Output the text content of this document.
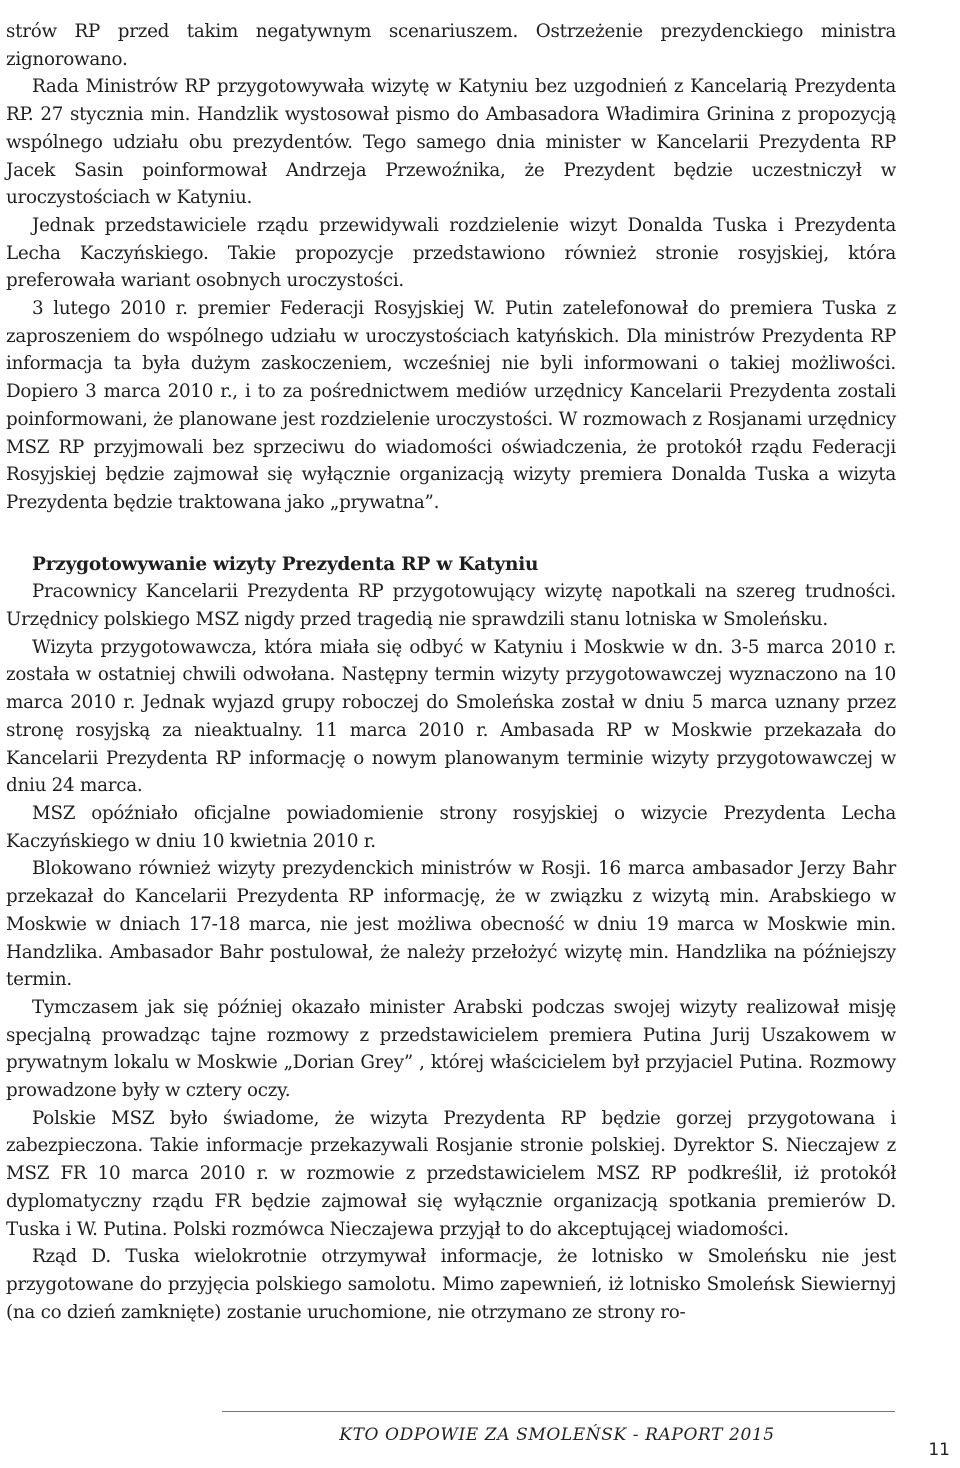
strów RP przed takim negatywnym scenariuszem. Ostrzeżenie prezydenckiego ministra zignorowano.

Rada Ministrów RP przygotowywała wizytę w Katyniu bez uzgodnień z Kancelarią Prezydenta RP. 27 stycznia min. Handzlik wystosował pismo do Ambasadora Władimira Grinina z propozycją wspólnego udziału obu prezydentów. Tego samego dnia minister w Kancelarii Prezydenta RP Jacek Sasin poinformował Andrzeja Przewoźnika, że Prezydent będzie uczestniczył w uroczystościach w Katyniu.

Jednak przedstawiciele rządu przewidywali rozdzielenie wizyt Donalda Tuska i Prezydenta Lecha Kaczyńskiego. Takie propozycje przedstawiono również stronie rosyjskiej, która preferowała wariant osobnych uroczystości.

3 lutego 2010 r. premier Federacji Rosyjskiej W. Putin zatelefonował do premiera Tuska z zaproszeniem do wspólnego udziału w uroczystościach katyńskich. Dla ministrów Prezydenta RP informacja ta była dużym zaskoczeniem, wcześniej nie byli informowani o takiej możliwości. Dopiero 3 marca 2010 r., i to za pośrednictwem mediów urzędnicy Kancelarii Prezydenta zostali poinformowani, że planowane jest rozdzielenie uroczystości. W rozmowach z Rosjanami urzędnicy MSZ RP przyjmowali bez sprzeciwu do wiadomości oświadczenia, że protokół rządu Federacji Rosyjskiej będzie zajmował się wyłącznie organizacją wizyty premiera Donalda Tuska a wizyta Prezydenta będzie traktowana jako „prywatna”.

Przygotowywanie wizyty Prezydenta RP w Katyniu

Pracownicy Kancelarii Prezydenta RP przygotowujący wizytę napotkali na szereg trudności. Urzędnicy polskiego MSZ nigdy przed tragedią nie sprawdzili stanu lotniska w Smoleńsku.

Wizyta przygotowawcza, która miała się odbyć w Katyniu i Moskwie w dn. 3-5 marca 2010 r. została w ostatniej chwili odwołana. Następny termin wizyty przygotowawczej wyznaczono na 10 marca 2010 r. Jednak wyjazd grupy roboczej do Smoleńska został w dniu 5 marca uznany przez stronę rosyjską za nieaktualny. 11 marca 2010 r. Ambasada RP w Moskwie przekazała do Kancelarii Prezydenta RP informację o nowym planowanym terminie wizyty przygotowawczej w dniu 24 marca.

MSZ opóźniało oficjalne powiadomienie strony rosyjskiej o wizycie Prezydenta Lecha Kaczyńskiego w dniu 10 kwietnia 2010 r.

Blokowano również wizyty prezydenckich ministrów w Rosji. 16 marca ambasador Jerzy Bahr przekazał do Kancelarii Prezydenta RP informację, że w związku z wizytą min. Arabskiego w Moskwie w dniach 17-18 marca, nie jest możliwa obecność w dniu 19 marca w Moskwie min. Handzlika. Ambasador Bahr postulował, że należy przełożyć wizytę min. Handzlika na późniejszy termin.

Tymczasem jak się później okazało minister Arabski podczas swojej wizyty realizował misję specjalną prowadząc tajne rozmowy z przedstawicielem premiera Putina Jurij Uszakowem w prywatnym lokalu w Moskwie „Dorian Grey” , której właścicielem był przyjaciel Putina. Rozmowy prowadzone były w cztery oczy.

Polskie MSZ było świadome, że wizyta Prezydenta RP będzie gorzej przygotowana i zabezpieczona. Takie informacje przekazywali Rosjanie stronie polskiej. Dyrektor S. Nieczajew z MSZ FR 10 marca 2010 r. w rozmowie z przedstawicielem MSZ RP podkreślił, iż protokół dyplomatyczny rządu FR będzie zajmował się wyłącznie organizacją spotkania premierów D. Tuska i W. Putina. Polski rozmówca Nieczajewa przyjął to do akceptującej wiadomości.

Rząd D. Tuska wielokrotnie otrzymywał informacje, że lotnisko w Smoleńsku nie jest przygotowane do przyjęcia polskiego samolotu. Mimo zapewnień, iż lotnisko Smoleńsk Siewiernyj (na co dzień zamknięte) zostanie uruchomione, nie otrzymano ze strony ro-

KTO ODPOWIE ZA SMOLEŃSK - RAPORT 2015
11
